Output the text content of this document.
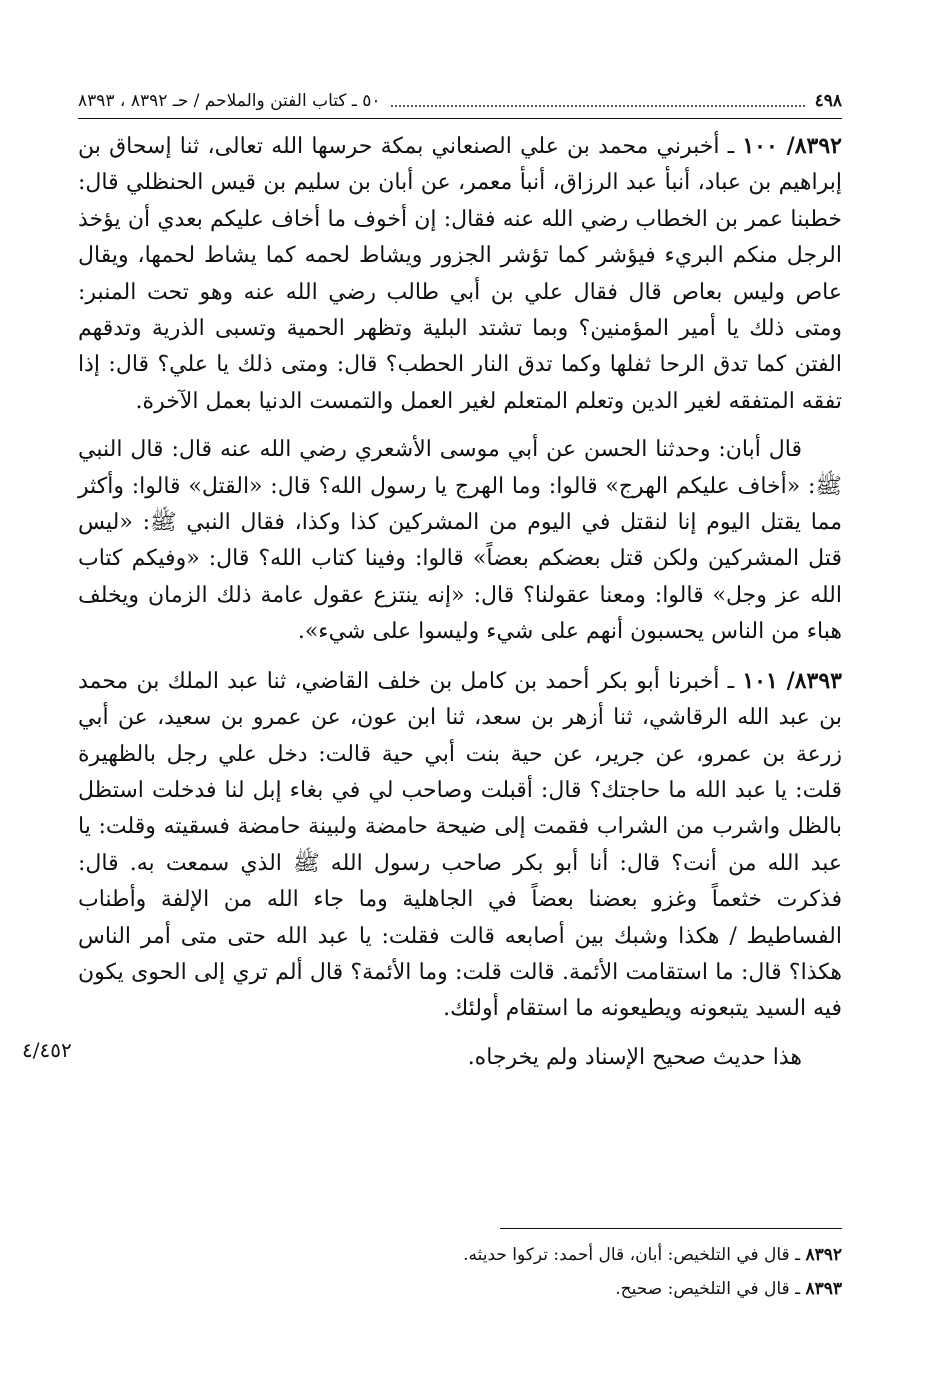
٤٩٨
٥٠ ـ كتاب الفتن والملاحم / حـ ٨٣٩٢ ، ٨٣٩٣

٨٣٩٢/ ١٠٠ ـ أخبرني محمد بن علي الصنعاني بمكة حرسها الله تعالى، ثنا إسحاق بن إبراهيم بن عباد، أنبأ عبد الرزاق، أنبأ معمر، عن أبان بن سليم بن قيس الحنظلي قال: خطبنا عمر بن الخطاب رضي الله عنه فقال: إن أخوف ما أخاف عليكم بعدي أن يؤخذ الرجل منكم البريء فيؤشر كما تؤشر الجزور ويشاط لحمه كما يشاط لحمها، ويقال عاص وليس بعاص قال فقال علي بن أبي طالب رضي الله عنه وهو تحت المنبر: ومتى ذلك يا أمير المؤمنين؟ وبما تشتد البلية وتظهر الحمية وتسبى الذرية وتدقهم الفتن كما تدق الرحا ثفلها وكما تدق النار الحطب؟ قال: ومتى ذلك يا علي؟ قال: إذا تفقه المتفقه لغير الدين وتعلم المتعلم لغير العمل والتمست الدنيا بعمل الآخرة.

قال أبان: وحدثنا الحسن عن أبي موسى الأشعري رضي الله عنه قال: قال النبي ﷺ: «أخاف عليكم الهرج» قالوا: وما الهرج يا رسول الله؟ قال: «القتل» قالوا: وأكثر مما يقتل اليوم إنا لنقتل في اليوم من المشركين كذا وكذا، فقال النبي ﷺ: «ليس قتل المشركين ولكن قتل بعضكم بعضاً» قالوا: وفينا كتاب الله؟ قال: «وفيكم كتاب الله عز وجل» قالوا: ومعنا عقولنا؟ قال: «إنه ينتزع عقول عامة ذلك الزمان ويخلف هباء من الناس يحسبون أنهم على شيء وليسوا على شيء».

٨٣٩٣/ ١٠١ ـ أخبرنا أبو بكر أحمد بن كامل بن خلف القاضي، ثنا عبد الملك بن محمد بن عبد الله الرقاشي، ثنا أزهر بن سعد، ثنا ابن عون، عن عمرو بن سعيد، عن أبي زرعة بن عمرو، عن جرير، عن حية بنت أبي حية قالت: دخل علي رجل بالظهيرة قلت: يا عبد الله ما حاجتك؟ قال: أقبلت وصاحب لي في بغاء إبل لنا فدخلت استظل بالظل واشرب من الشراب فقمت إلى ضيحة حامضة ولبينة حامضة فسقيته وقلت: يا عبد الله من أنت؟ قال: أنا أبو بكر صاحب رسول الله ﷺ الذي سمعت به. قال: فذكرت خثعماً وغزو بعضنا بعضاً في الجاهلية وما جاء الله من الإلفة وأطناب الفساطيط / هكذا وشبك بين أصابعه قالت فقلت: يا عبد الله حتى متى أمر الناس هكذا؟ قال: ما استقامت الأئمة. قالت قلت: وما الأئمة؟ قال ألم تري إلى الحوى يكون فيه السيد يتبعونه ويطيعونه ما استقام أولئك.

هذا حديث صحيح الإسناد ولم يخرجاه.

٤/٤٥٢
٨٣٩٢ ـ قال في التلخيص: أبان، قال أحمد: تركوا حديثه.
٨٣٩٣ ـ قال في التلخيص: صحيح.
